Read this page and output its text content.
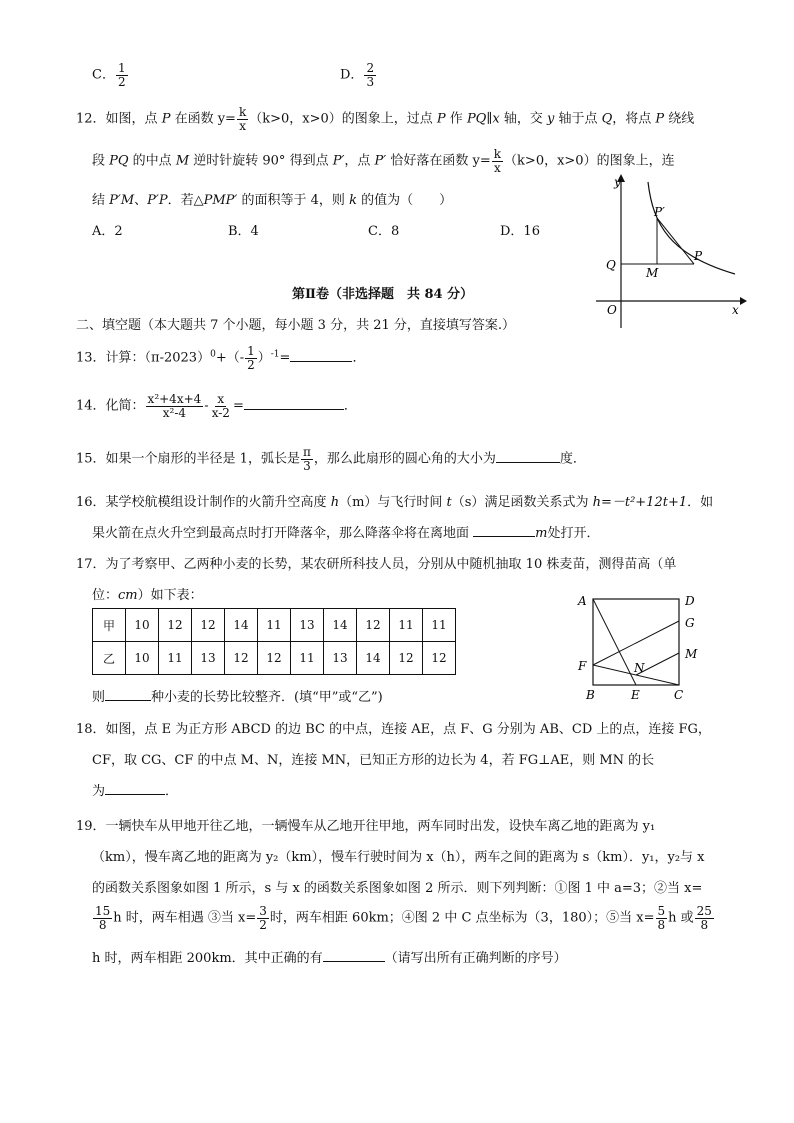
C． $\frac{1}{2}$	D． $\frac{2}{3}$
12．如图，点 P 在函数 $y= \frac{k}{x} (k>0$，x>0）的图象上，过点 P 作 PQ∥x 轴，交 y 轴于点 Q，将点 P 绕线
段 PQ 的中点 M 逆时针旋转 90° 得到点 P′，点 P′ 恰好落在函数 $y= \frac{k}{x} (k>0$，x>0）的图象上，连
结 P′M、P′P．若△PMP′ 的面积等于 4，则 k 的值为（　　）
A．2	B．4	C．8	D．16
y
x
O
Q
M
P
P′
第Ⅱ卷（非选择题　共 84 分）
二、填空题（本大题共 7 个小题，每小题 3 分，共 21 分，直接填写答案.）
13．计算：$(\pi-2023)^0+(- \frac{1}{2} )^{-1}=$	．
14．化简： $\frac{\text{x²+4x+4}}{\text{x²-4}} - \frac{x}{x-2}$ =	．
15．如果一个扇形的半径是 1，弧长是 $\frac{\pi}{3}$ ，那么此扇形的圆心角的大小为	度．
16．某学校航模组设计制作的火箭升空高度 h（m）与飞行时间 t（s）满足函数关系式为 h=－t²+12t+1．如
果火箭在点火升空到最高点时打开降落伞，那么降落伞将在离地面	m处打开．
17．为了考察甲、乙两种小麦的长势，某农研所科技人员，分别从中随机抽取 10 株麦苗，测得苗高（单
位：cm）如下表：
甲	10	12	12	14	11	13	14	12	11	11
乙	10	11	13	12	12	11	13	14	12	12
则	种小麦的长势比较整齐．(填“甲”或“乙”)
A	D
G
M
F	N
B	E	C
18．如图，点 E 为正方形 ABCD 的边 BC 的中点，连接 AE，点 F、G 分别为 AB、CD 上的点，连接 FG，
CF，取 CG、CF 的中点 M、N，连接 MN，已知正方形的边长为 4，若 FG⊥AE，则 MN 的长
为	．
19．一辆快车从甲地开往乙地，一辆慢车从乙地开往甲地，两车同时出发，设快车离乙地的距离为 y₁
（km），慢车离乙地的距离为 y₂（km），慢车行驶时间为 x（h），两车之间的距离为 s（km）．y₁，y₂与 x
的函数关系图象如图 1 所示，s 与 x 的函数关系图象如图 2 所示．则下列判断：①图 1 中 a=3；②当 x=
$\frac{15}{8}$ h 时，两车相遇 ③当 $x= \frac{3}{2}$ 时，两车相距 60km；④图 2 中 C 点坐标为（3，180）；⑤当 $x= \frac{5}{8}$ h 或 $\frac{25}{8}$
h 时，两车相距 200km．其中正确的有	（请写出所有正确判断的序号）
